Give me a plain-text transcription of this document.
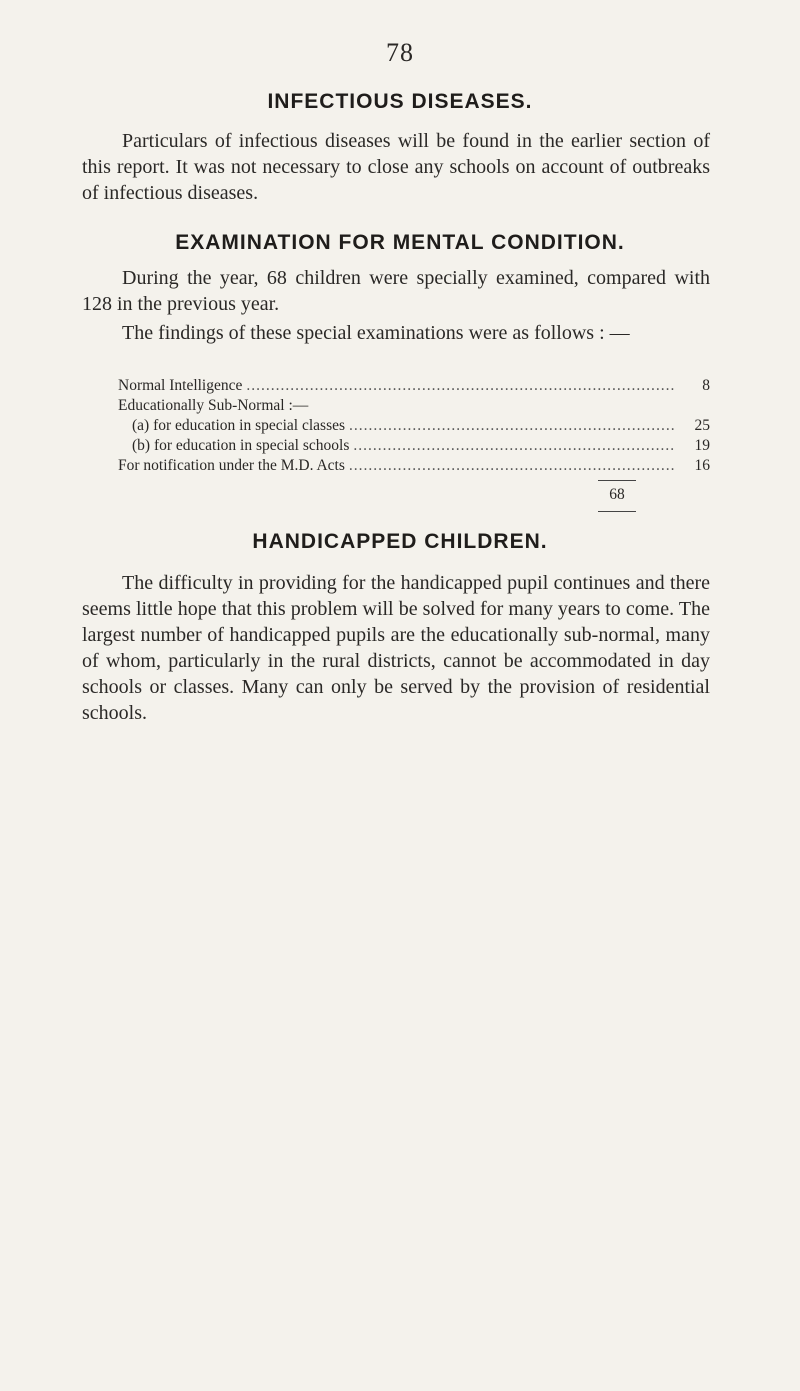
78
INFECTIOUS DISEASES.

Particulars of infectious diseases will be found in the earlier section of this report. It was not necessary to close any schools on account of outbreaks of infectious diseases.

EXAMINATION FOR MENTAL CONDITION.

During the year, 68 children were specially examined, compared with 128 in the previous year.

The findings of these special examinations were as follows : —

Normal Intelligence .....	8
Educationally Sub-Normal :—
(a) for education in special classes .....	25
(b) for education in special schools .....	19
For notification under the M.D. Acts .....	16
68
HANDICAPPED CHILDREN.

The difficulty in providing for the handicapped pupil continues and there seems little hope that this problem will be solved for many years to come. The largest number of handicapped pupils are the educationally sub-normal, many of whom, particularly in the rural districts, cannot be accommodated in day schools or classes. Many can only be served by the provision of residential schools.
